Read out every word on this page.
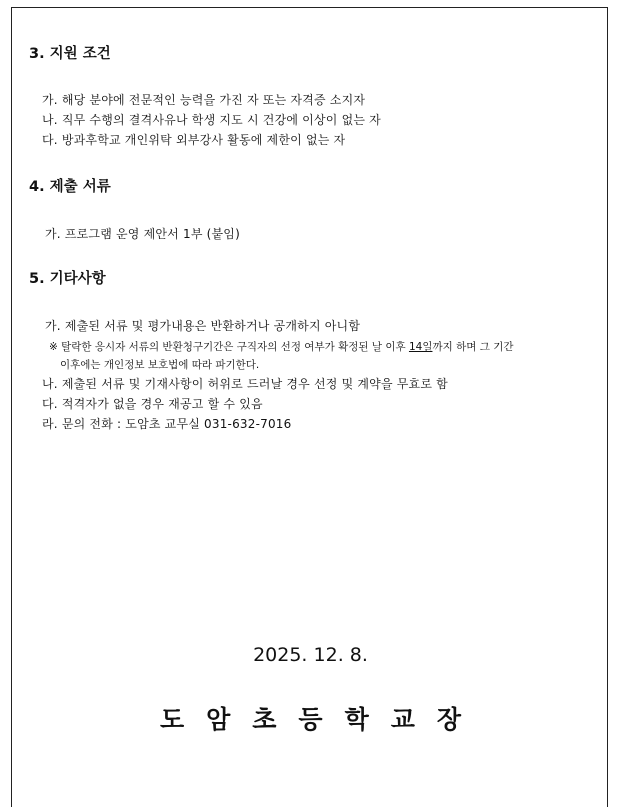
3. 지원 조건
가. 해당 분야에 전문적인 능력을 가진 자 또는 자격증 소지자
나. 직무 수행의 결격사유나 학생 지도 시 건강에 이상이 없는 자
다. 방과후학교 개인위탁 외부강사 활동에 제한이 없는 자
4. 제출 서류
가. 프로그램 운영 제안서 1부 (붙임)
5. 기타사항
가. 제출된 서류 및 평가내용은 반환하거나 공개하지 아니함
※ 탈락한 응시자 서류의 반환청구기간은 구직자의 선정 여부가 확정된 날 이후 14일까지 하며 그 기간
이후에는 개인정보 보호법에 따라 파기한다.
나. 제출된 서류 및 기재사항이 허위로 드러날 경우 선정 및 계약을 무효로 함
다. 적격자가 없을 경우 재공고 할 수 있음
라. 문의 전화 : 도암초 교무실 031-632-7016
2025. 12. 8.
도암초등학교장
